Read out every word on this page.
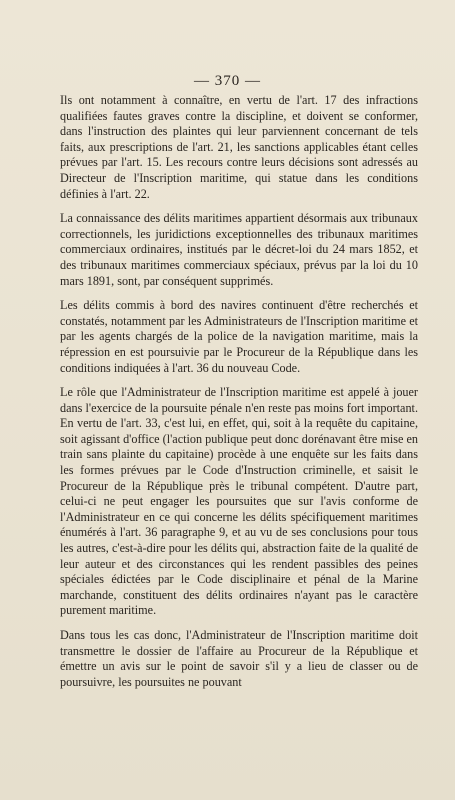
— 370 —

Ils ont notamment à connaître, en vertu de l'art. 17 des infractions qualifiées fautes graves contre la discipline, et doivent se conformer, dans l'instruction des plaintes qui leur parviennent concernant de tels faits, aux prescriptions de l'art. 21, les sanctions applicables étant celles prévues par l'art. 15. Les recours contre leurs décisions sont adressés au Directeur de l'Inscription maritime, qui statue dans les conditions définies à l'art. 22.

La connaissance des délits maritimes appartient désormais aux tribunaux correctionnels, les juridictions exceptionnelles des tribunaux maritimes commerciaux ordinaires, institués par le décret-loi du 24 mars 1852, et des tribunaux maritimes commerciaux spéciaux, prévus par la loi du 10 mars 1891, sont, par conséquent supprimés.

Les délits commis à bord des navires continuent d'être recherchés et constatés, notamment par les Administrateurs de l'Inscription maritime et par les agents chargés de la police de la navigation maritime, mais la répression en est poursuivie par le Procureur de la République dans les conditions indiquées à l'art. 36 du nouveau Code.

Le rôle que l'Administrateur de l'Inscription maritime est appelé à jouer dans l'exercice de la poursuite pénale n'en reste pas moins fort important. En vertu de l'art. 33, c'est lui, en effet, qui, soit à la requête du capitaine, soit agissant d'office (l'action publique peut donc dorénavant être mise en train sans plainte du capitaine) procède à une enquête sur les faits dans les formes prévues par le Code d'Instruction criminelle, et saisit le Procureur de la République près le tribunal compétent. D'autre part, celui-ci ne peut engager les poursuites que sur l'avis conforme de l'Administrateur en ce qui concerne les délits spécifiquement maritimes énumérés à l'art. 36 paragraphe 9, et au vu de ses conclusions pour tous les autres, c'est-à-dire pour les délits qui, abstraction faite de la qualité de leur auteur et des circonstances qui les rendent passibles des peines spéciales édictées par le Code disciplinaire et pénal de la Marine marchande, constituent des délits ordinaires n'ayant pas le caractère purement maritime.

Dans tous les cas donc, l'Administrateur de l'Inscription maritime doit transmettre le dossier de l'affaire au Procureur de la République et émettre un avis sur le point de savoir s'il y a lieu de classer ou de poursuivre, les poursuites ne pouvant
